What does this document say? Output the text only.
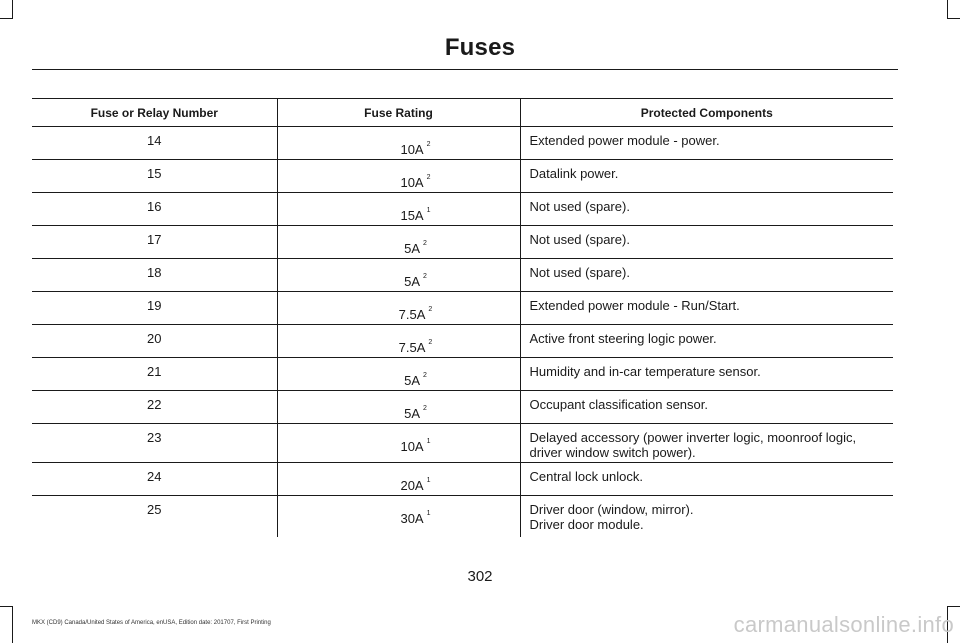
Fuses
Fuse or Relay Number	Fuse Rating	Protected Components

14	10A $^2$	Extended power module - power.

15	10A $^2$	Datalink power.

16	15A $^1$	Not used (spare).

17	5A $^2$	Not used (spare).

18	5A $^2$	Not used (spare).

19	7.5A $^2$	Extended power module - Run/Start.

20	7.5A $^2$	Active front steering logic power.

21	5A $^2$	Humidity and in-car temperature sensor.

22	5A $^2$	Occupant classification sensor.

23	10A $^1$	Delayed accessory (power inverter logic, moonroof logic, driver window switch power).

24	20A $^1$	Central lock unlock.

25	30A $^1$	Driver door (window, mirror).
Driver door module.
302
MKX (CD9) Canada/United States of America, enUSA, Edition date: 201707, First Printing	carmanualsonline.info
